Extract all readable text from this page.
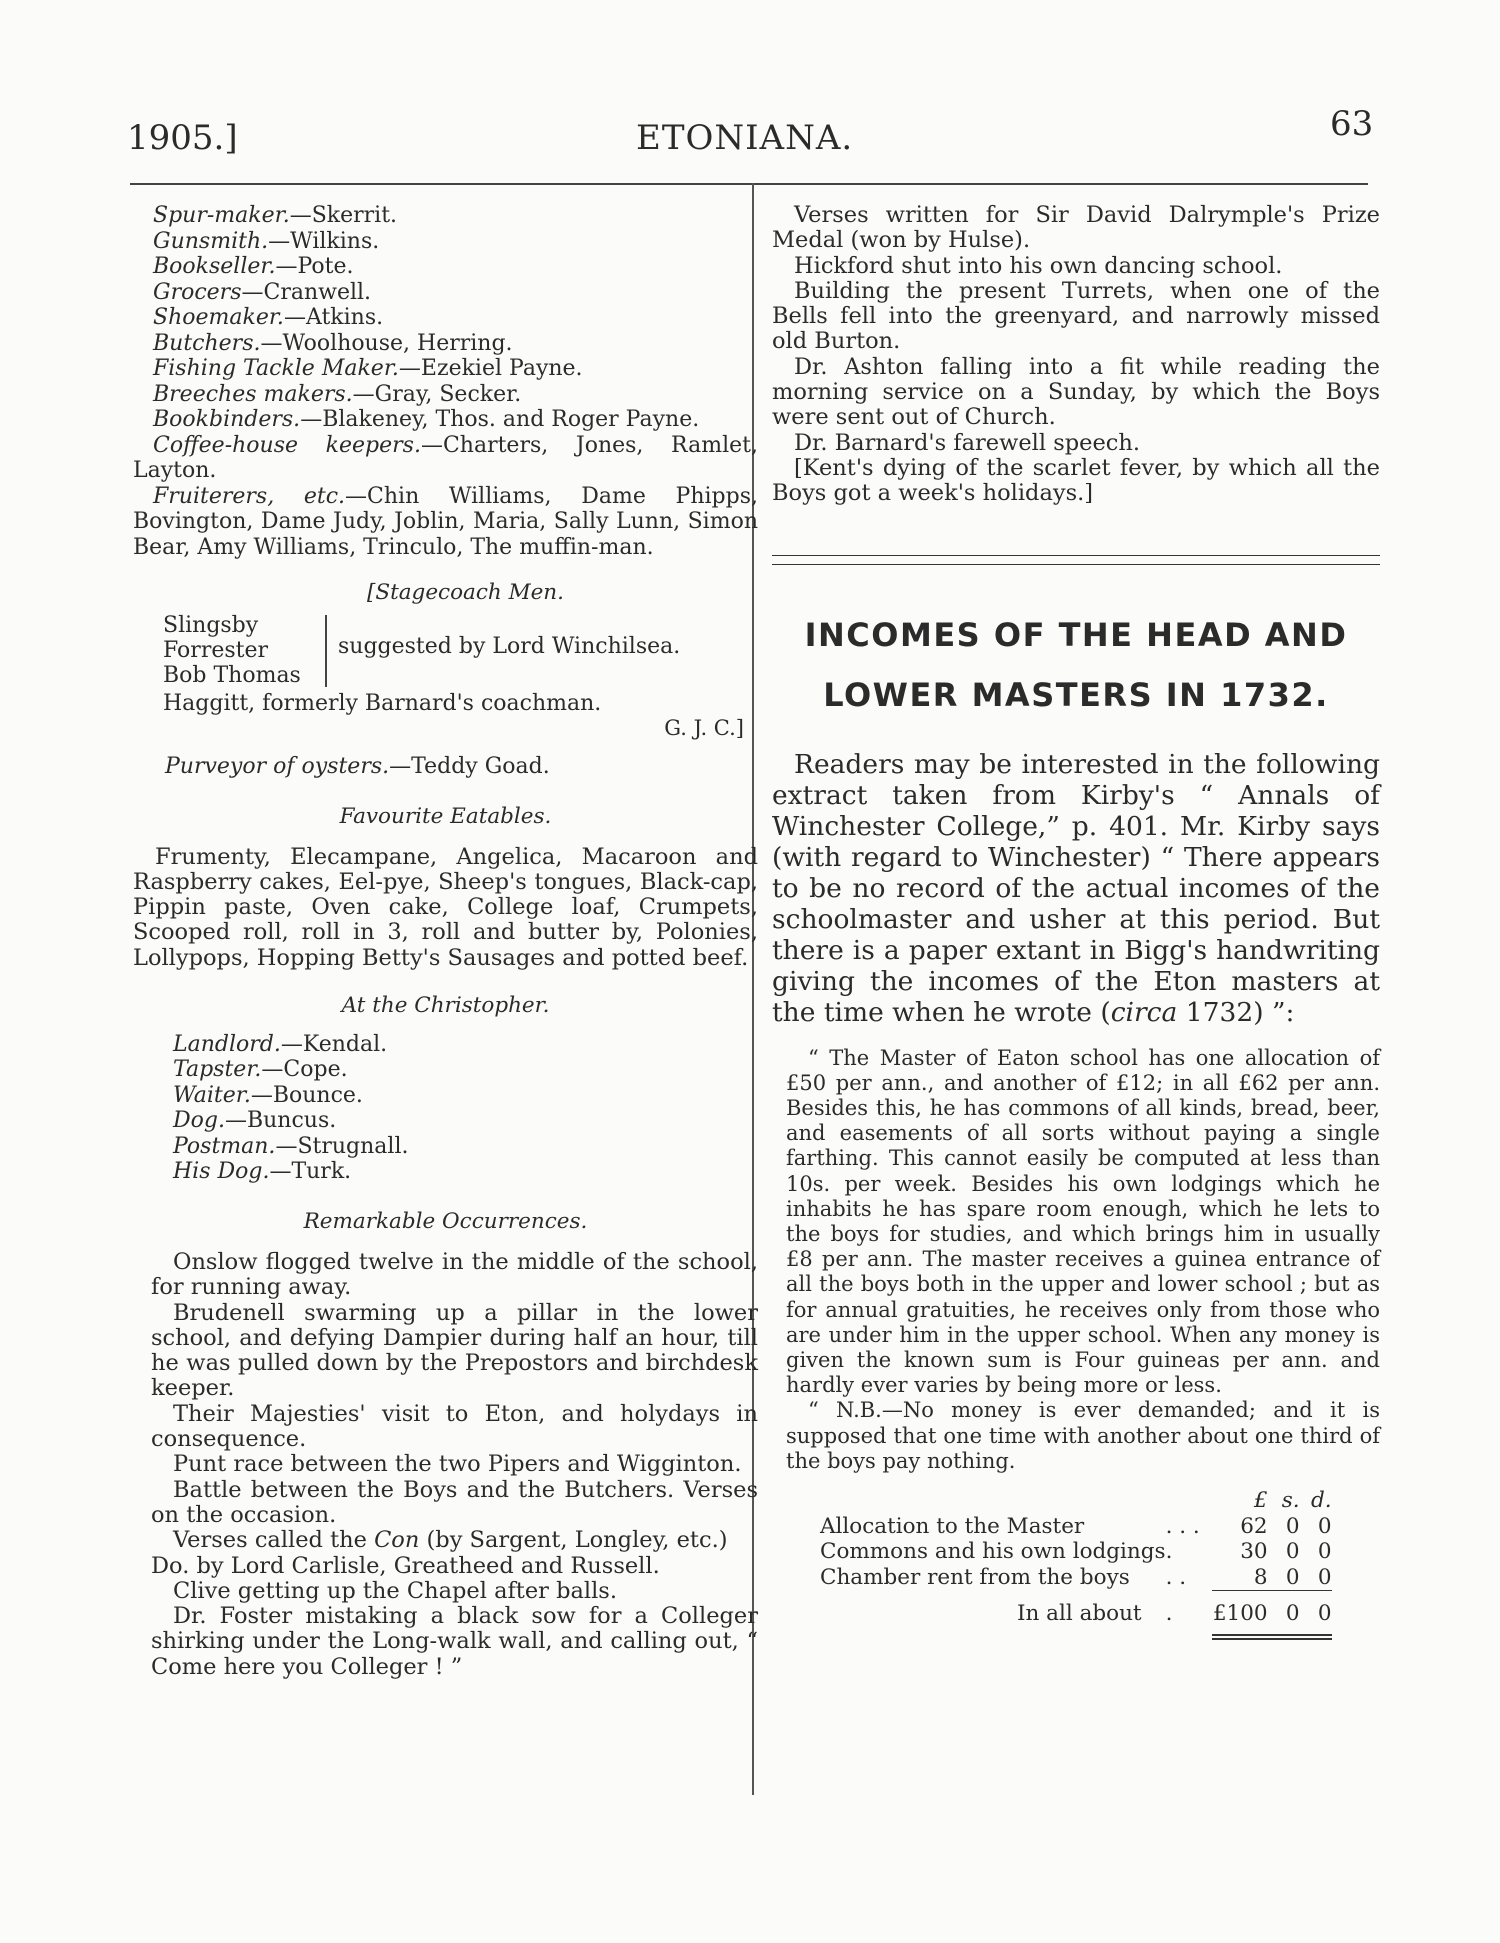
1905.]	ETONIANA.	63
Spur-maker.—Skerrit.
Gunsmith.—Wilkins.
Bookseller.—Pote.
Grocers—Cranwell.
Shoemaker.—Atkins.
Butchers.—Woolhouse, Herring.
Fishing Tackle Maker.—Ezekiel Payne.
Breeches makers.—Gray, Secker.
Bookbinders.—Blakeney, Thos. and Roger Payne.
Coffee-house keepers.—Charters, Jones, Ramlet, Layton.
Fruiterers, etc.—Chin Williams, Dame Phipps, Bovington, Dame Judy, Joblin, Maria, Sally Lunn, Simon Bear, Amy Williams, Trinculo, The muffin-man.
[Stagecoach Men.
Slingsby
Forrester
Bob Thomas
suggested by Lord Winchilsea.
Haggitt, formerly Barnard's coachman.
G. J. C.]
Purveyor of oysters.—Teddy Goad.
Favourite Eatables.
Frumenty, Elecampane, Angelica, Macaroon and Raspberry cakes, Eel-pye, Sheep's tongues, Black-cap, Pippin paste, Oven cake, College loaf, Crumpets, Scooped roll, roll in 3, roll and butter by, Polonies, Lollypops, Hopping Betty's Sausages and potted beef.
At the Christopher.
Landlord.—Kendal.
Tapster.—Cope.
Waiter.—Bounce.
Dog.—Buncus.
Postman.—Strugnall.
His Dog.—Turk.
Remarkable Occurrences.
Onslow flogged twelve in the middle of the school, for running away.
Brudenell swarming up a pillar in the lower school, and defying Dampier during half an hour, till he was pulled down by the Prepostors and birchdesk keeper.
Their Majesties' visit to Eton, and holydays in consequence.
Punt race between the two Pipers and Wigginton.
Battle between the Boys and the Butchers. Verses on the occasion.
Verses called the Con (by Sargent, Longley, etc.)
Do. by Lord Carlisle, Greatheed and Russell.
Clive getting up the Chapel after balls.
Dr. Foster mistaking a black sow for a Colleger shirking under the Long-walk wall, and calling out, “ Come here you Colleger ! ”
Verses written for Sir David Dalrymple's Prize Medal (won by Hulse).
Hickford shut into his own dancing school.
Building the present Turrets, when one of the Bells fell into the greenyard, and narrowly missed old Burton.
Dr. Ashton falling into a fit while reading the morning service on a Sunday, by which the Boys were sent out of Church.
Dr. Barnard's farewell speech.
[Kent's dying of the scarlet fever, by which all the Boys got a week's holidays.]
INCOMES OF THE HEAD AND
LOWER MASTERS IN 1732.
Readers may be interested in the following extract taken from Kirby's “ Annals of Winchester College,” p. 401. Mr. Kirby says (with regard to Winchester) “ There appears to be no record of the actual incomes of the schoolmaster and usher at this period. But there is a paper extant in Bigg's handwriting giving the incomes of the Eton masters at the time when he wrote (circa 1732) ”:
“ The Master of Eaton school has one allocation of £50 per ann., and another of £12; in all £62 per ann. Besides this, he has commons of all kinds, bread, beer, and easements of all sorts without paying a single farthing. This cannot easily be computed at less than 10s. per week. Besides his own lodgings which he inhabits he has spare room enough, which he lets to the boys for studies, and which brings him in usually £8 per ann. The master receives a guinea entrance of all the boys both in the upper and lower school ; but as for annual gratuities, he receives only from those who are under him in the upper school. When any money is given the known sum is Four guineas per ann. and hardly ever varies by being more or less.
“ N.B.—No money is ever demanded; and it is supposed that one time with another about one third of the boys pay nothing.
		£	s.	d.
Allocation to the Master	. . .	62	0	0
Commons and his own lodgings	.	30	0	0
Chamber rent from the boys	. .	8	0	0

In all about	.	£100	0	0
